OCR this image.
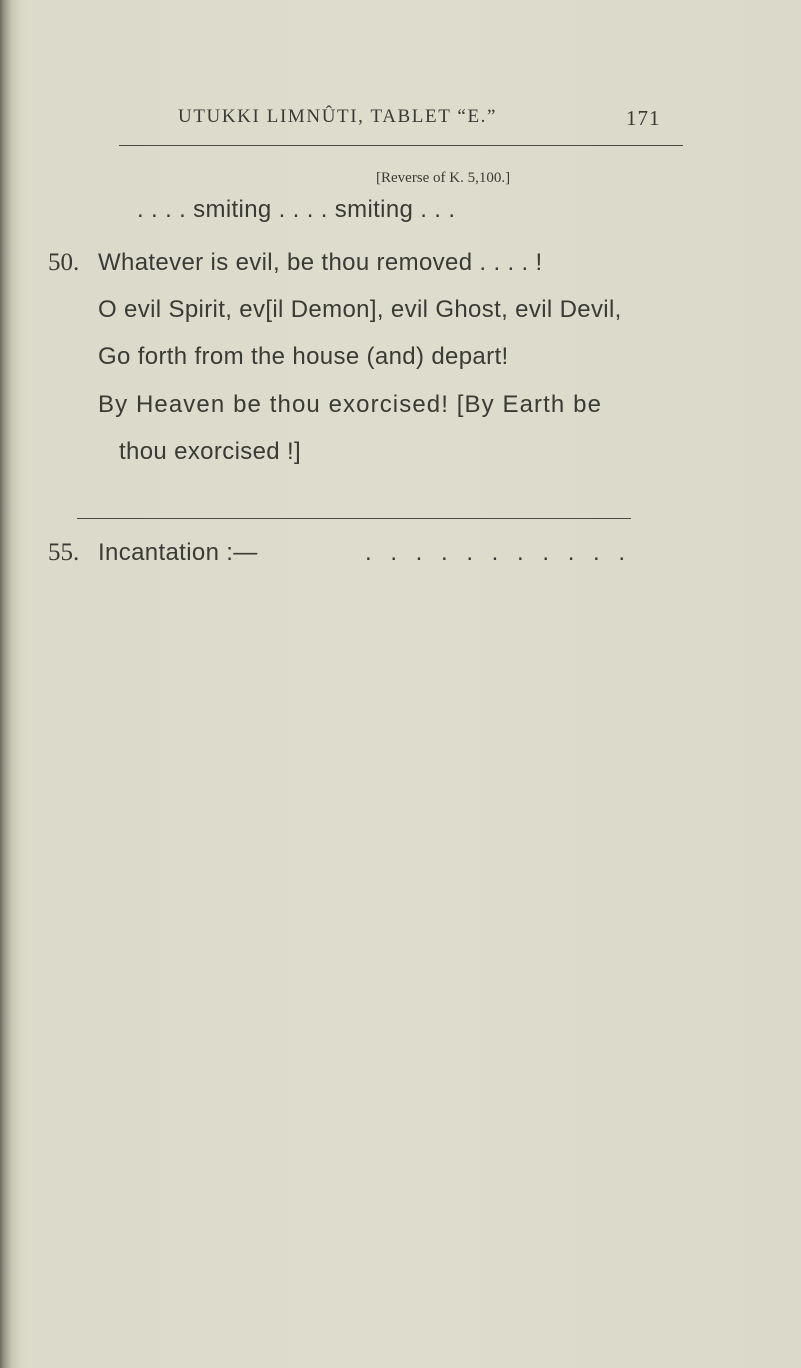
UTUKKI LIMNÛTI, TABLET “E.”	171
[Reverse of K. 5,100.]
. . . . smiting . . . . smiting . . .
50. Whatever is evil, be thou removed . . . . !
O evil Spirit, ev[il Demon], evil Ghost, evil Devil,
Go forth from the house (and) depart!
By Heaven be thou exorcised! [By Earth be
thou exorcised !]
55. Incantation :—	. . . . . . . . . . .
